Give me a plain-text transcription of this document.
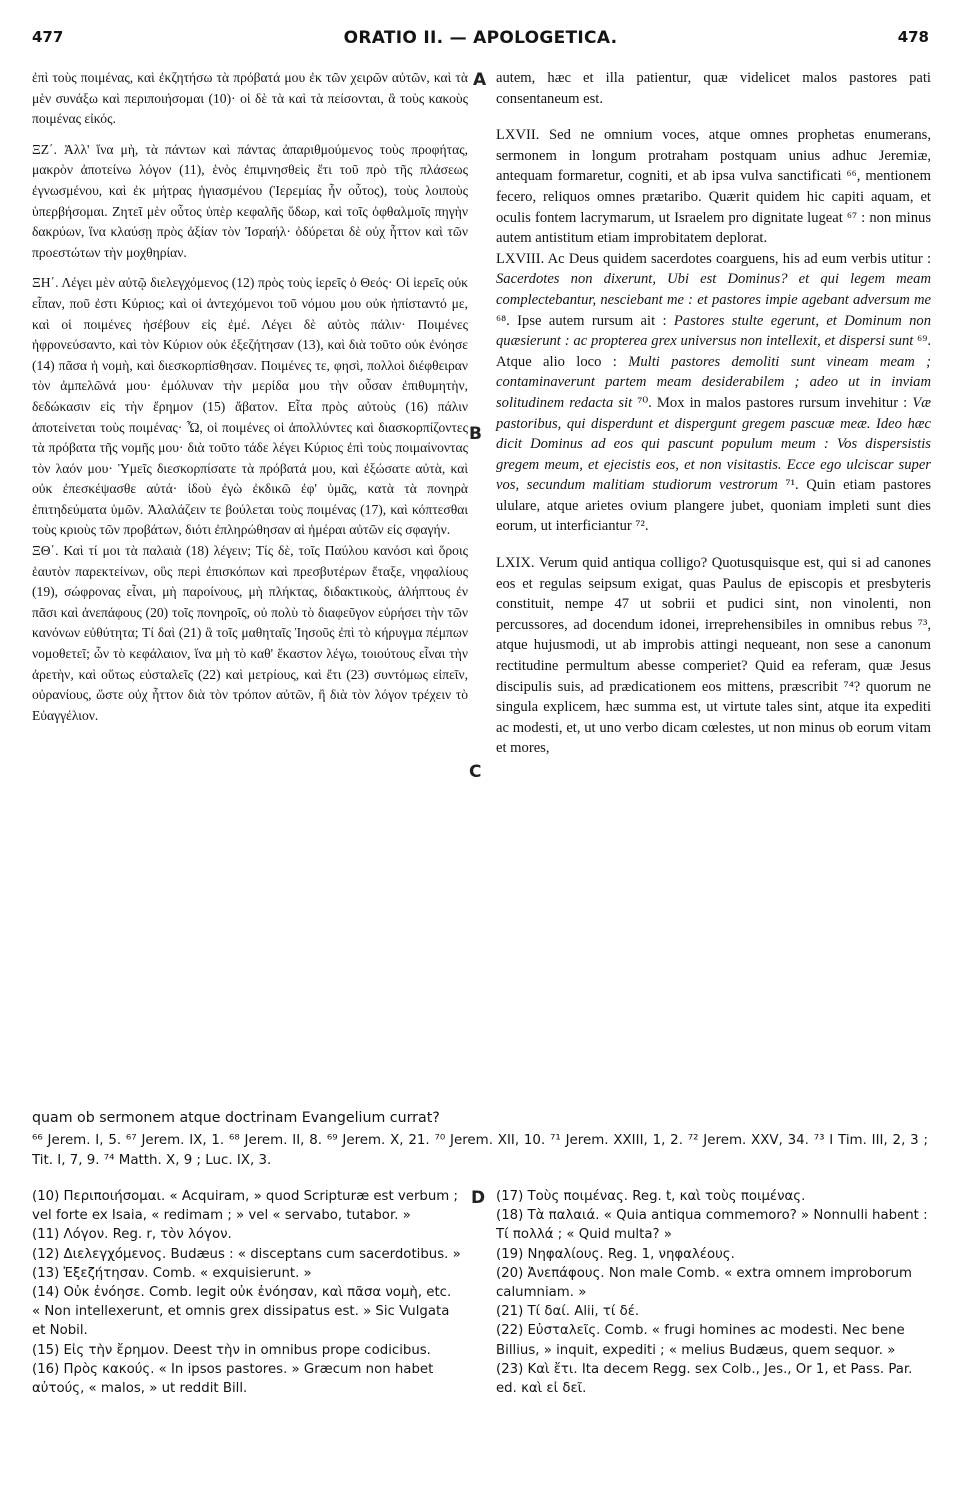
477	ORATIO II. — APOLOGETICA.	478

ἐπὶ τοὺς ποιμένας, καὶ ἐκζητήσω τὰ πρόβατά μου ἐκ τῶν χειρῶν αὐτῶν, καὶ τὰ μὲν συνάξω καὶ περιποιήσομαι (10)· οἱ δὲ τὰ καὶ τὰ πείσονται, ἃ τοὺς κακοὺς ποιμένας εἰκός.

ΞΖ΄. Ἀλλ' ἵνα μὴ, τὰ πάντων καὶ πάντας ἀπαριθμούμενος τοὺς προφήτας, μακρὸν ἀποτείνω λόγον (11), ἑνὸς ἐπιμνησθεὶς ἔτι τοῦ πρὸ τῆς πλάσεως ἐγνωσμένου, καὶ ἐκ μήτρας ἡγιασμένου (Ἱερεμίας ἦν οὗτος), τοὺς λοιποὺς ὑπερβήσομαι. Ζητεῖ μὲν οὗτος ὑπὲρ κεφαλῆς ὕδωρ, καὶ τοῖς ὀφθαλμοῖς πηγὴν δακρύων, ἵνα κλαύσῃ πρὸς ἀξίαν τὸν Ἰσραήλ· ὀδύρεται δὲ οὐχ ἧττον καὶ τῶν προεστώτων τὴν μοχθηρίαν.

ΞΗ΄. Λέγει μὲν αὐτῷ διελεγχόμενος (12) πρὸς τοὺς ἱερεῖς ὁ Θεός· Οἱ ἱερεῖς οὐκ εἶπαν, ποῦ ἐστι Κύριος; καὶ οἱ ἀντεχόμενοι τοῦ νόμου μου οὐκ ἠπίσταντό με, καὶ οἱ ποιμένες ἠσέβουν εἰς ἐμέ. Λέγει δὲ αὐτὸς πάλιν· Ποιμένες ἠφρονεύσαντο, καὶ τὸν Κύριον οὐκ ἐξεζήτησαν (13), καὶ διὰ τοῦτο οὐκ ἐνόησε (14) πᾶσα ἡ νομὴ, καὶ διεσκορπίσθησαν. Ποιμένες τε, φησὶ, πολλοὶ διέφθειραν τὸν ἀμπελῶνά μου· ἐμόλυναν τὴν μερίδα μου τὴν οὖσαν ἐπιθυμητὴν, δεδώκασιν εἰς τὴν ἔρημον (15) ἄβατον. Εἶτα πρὸς αὐτοὺς (16) πάλιν ἀποτείνεται τοὺς ποιμένας· Ὦ, οἱ ποιμένες οἱ ἀπολλύντες καὶ διασκορπίζοντες τὰ πρόβατα τῆς νομῆς μου· διὰ τοῦτο τάδε λέγει Κύριος ἐπὶ τοὺς ποιμαίνοντας τὸν λαόν μου· Ὑμεῖς διεσκορπίσατε τὰ πρόβατά μου, καὶ ἐξώσατε αὐτὰ, καὶ οὐκ ἐπεσκέψασθε αὐτά· ἰδοὺ ἐγὼ ἐκδικῶ ἐφ' ὑμᾶς, κατὰ τὰ πονηρὰ ἐπιτηδεύματα ὑμῶν. Ἀλαλάζειν τε βούλεται τοὺς ποιμένας (17), καὶ κόπτεσθαι τοὺς κριοὺς τῶν προβάτων, διότι ἐπληρώθησαν αἱ ἡμέραι αὐτῶν εἰς σφαγήν.

ΞΘ΄. Καὶ τί μοι τὰ παλαιὰ (18) λέγειν; Τίς δὲ, τοῖς Παύλου κανόσι καὶ ὅροις ἑαυτὸν παρεκτείνων, οὓς περὶ ἐπισκόπων καὶ πρεσβυτέρων ἔταξε, νηφαλίους (19), σώφρονας εἶναι, μὴ παροίνους, μὴ πλήκτας, διδακτικοὺς, ἀλήπτους ἐν πᾶσι καὶ ἀνεπάφους (20) τοῖς πονηροῖς, οὐ πολὺ τὸ διαφεῦγον εὑρήσει τὴν τῶν κανόνων εὐθύτητα; Τί δαὶ (21) ἃ τοῖς μαθηταῖς Ἰησοῦς ἐπὶ τὸ κήρυγμα πέμπων νομοθετεῖ; ὧν τὸ κεφάλαιον, ἵνα μὴ τὸ καθ' ἕκαστον λέγω, τοιούτους εἶναι τὴν ἀρετὴν, καὶ οὕτως εὐσταλεῖς (22) καὶ μετρίους, καὶ ἔτι (23) συντόμως εἰπεῖν, οὐρανίους, ὥστε οὐχ ἧττον διὰ τὸν τρόπον αὐτῶν, ἢ διὰ τὸν λόγον τρέχειν τὸ Εὐαγγέλιον.

A
B
C

autem, hæc et illa patientur, quæ videlicet malos pastores pati consentaneum est.

LXVII. Sed ne omnium voces, atque omnes prophetas enumerans, sermonem in longum protraham postquam unius adhuc Jeremiæ, antequam formaretur, cogniti, et ab ipsa vulva sanctificati ⁶⁶, mentionem fecero, reliquos omnes prætaribo. Quærit quidem hic capiti aquam, et oculis fontem lacrymarum, ut Israelem pro dignitate lugeat ⁶⁷ : non minus autem antistitum etiam improbitatem deplorat.

LXVIII. Ac Deus quidem sacerdotes coarguens, his ad eum verbis utitur : Sacerdotes non dixerunt, Ubi est Dominus? et qui legem meam complectebantur, nesciebant me : et pastores impie agebant adversum me ⁶⁸. Ipse autem rursum ait : Pastores stulte egerunt, et Dominum non quæsierunt : ac propterea grex universus non intellexit, et dispersi sunt ⁶⁹. Atque alio loco : Multi pastores demoliti sunt vineam meam ; contaminaverunt partem meam desiderabilem ; adeo ut in inviam solitudinem redacta sit ⁷⁰. Mox in malos pastores rursum invehitur : Væ pastoribus, qui disperdunt et dispergunt gregem pascuæ meæ. Ideo hæc dicit Dominus ad eos qui pascunt populum meum : Vos dispersistis gregem meum, et ejecistis eos, et non visitastis. Ecce ego ulciscar super vos, secundum malitiam studiorum vestrorum ⁷¹. Quin etiam pastores ululare, atque arietes ovium plangere jubet, quoniam impleti sunt dies eorum, ut interficiantur ⁷².

LXIX. Verum quid antiqua colligo? Quotusquisque est, qui si ad canones eos et regulas seipsum exigat, quas Paulus de episcopis et presbyteris constituit, nempe 47 ut sobrii et pudici sint, non vinolenti, non percussores, ad docendum idonei, irreprehensibiles in omnibus rebus ⁷³, atque hujusmodi, ut ab improbis attingi nequeant, non sese a canonum rectitudine permultum abesse comperiet? Quid ea referam, quæ Jesus discipulis suis, ad prædicationem eos mittens, præscribit ⁷⁴? quorum ne singula explicem, hæc summa est, ut virtute tales sint, atque ita expediti ac modesti, et, ut uno verbo dicam cœlestes, ut non minus ob eorum vitam et mores,

quam ob sermonem atque doctrinam Evangelium currat?
⁶⁶ Jerem. I, 5. ⁶⁷ Jerem. IX, 1. ⁶⁸ Jerem. II, 8. ⁶⁹ Jerem. X, 21. ⁷⁰ Jerem. XII, 10. ⁷¹ Jerem. XXIII, 1, 2. ⁷² Jerem. XXV, 34. ⁷³ I Tim. III, 2, 3 ; Tit. I, 7, 9. ⁷⁴ Matth. X, 9 ; Luc. IX, 3.
D

(10) Περιποιήσομαι. « Acquiram, » quod Scripturæ est verbum ; vel forte ex Isaia, « redimam ; » vel « servabo, tutabor. »

(11) Λόγον. Reg. r, τὸν λόγον.

(12) Διελεγχόμενος. Budæus : « disceptans cum sacerdotibus. »

(13) Ἐξεζήτησαν. Comb. « exquisierunt. »

(14) Οὐκ ἐνόησε. Comb. legit οὐκ ἐνόησαν, καὶ πᾶσα νομὴ, etc. « Non intellexerunt, et omnis grex dissipatus est. » Sic Vulgata et Nobil.

(15) Εἰς τὴν ἔρημον. Deest τὴν in omnibus prope codicibus.

(16) Πρὸς κακούς. « In ipsos pastores. » Græcum non habet αὐτούς, « malos, » ut reddit Bill.

(17) Τοὺς ποιμένας. Reg. t, καὶ τοὺς ποιμένας.

(18) Τὰ παλαιά. « Quia antiqua commemoro? » Nonnulli habent : Τί πολλά ; « Quid multa? »

(19) Νηφαλίους. Reg. 1, νηφαλέους.

(20) Ἀνεπάφους. Non male Comb. « extra omnem improborum calumniam. »

(21) Τί δαί. Alii, τί δέ.

(22) Εὐσταλεῖς. Comb. « frugi homines ac modesti. Nec bene Billius, » inquit, expediti ; « melius Budæus, quem sequor. »

(23) Καὶ ἔτι. Ita decem Regg. sex Colb., Jes., Or 1, et Pass. Par. ed. καὶ εἰ δεῖ.
